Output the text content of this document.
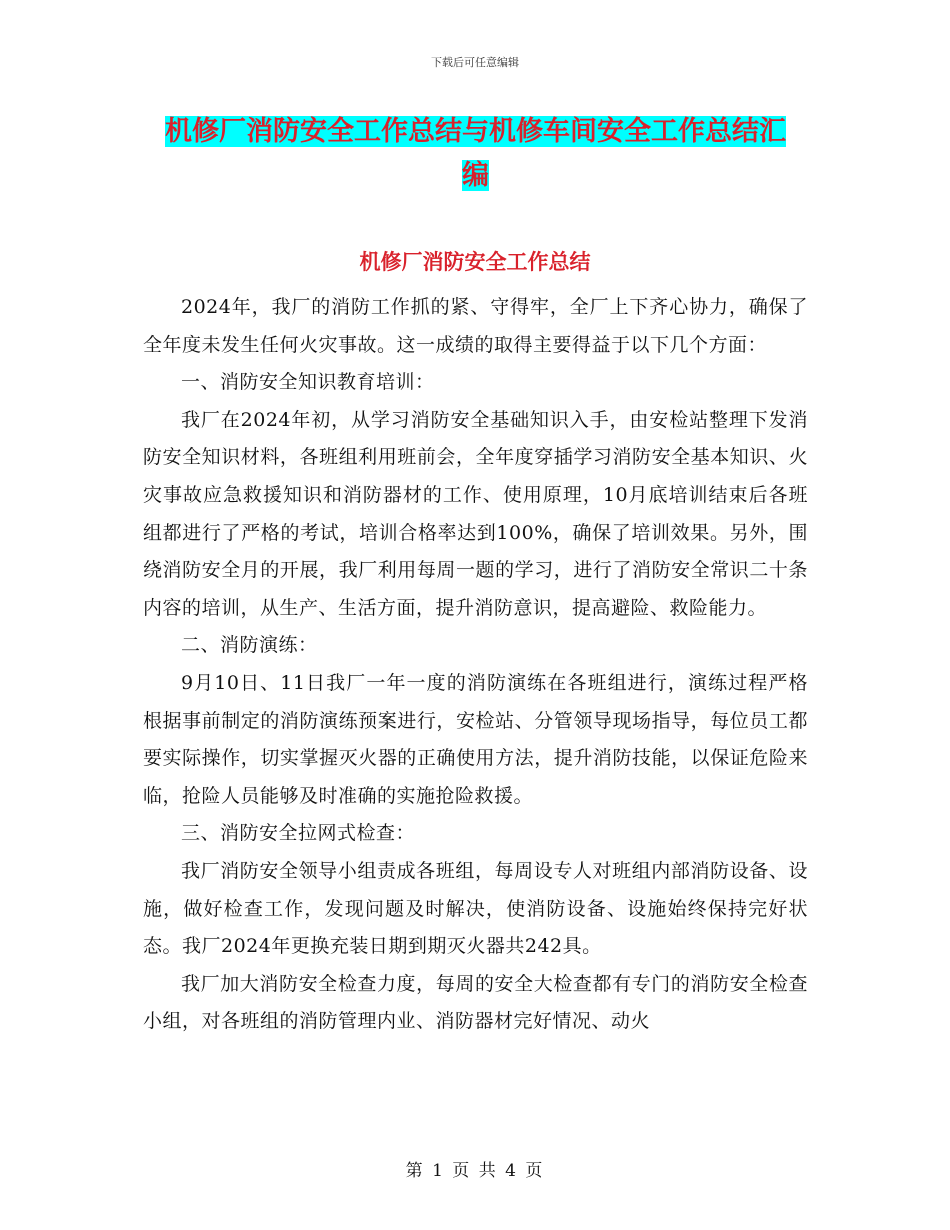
下载后可任意编辑
机修厂消防安全工作总结与机修车间安全工作总结汇
编
机修厂消防安全工作总结

2024年，我厂的消防工作抓的紧、守得牢，全厂上下齐心协力，确保了全年度未发生任何火灾事故。这一成绩的取得主要得益于以下几个方面：

一、消防安全知识教育培训：

我厂在2024年初，从学习消防安全基础知识入手，由安检站整理下发消防安全知识材料，各班组利用班前会，全年度穿插学习消防安全基本知识、火灾事故应急救援知识和消防器材的工作、使用原理，10月底培训结束后各班组都进行了严格的考试，培训合格率达到100%，确保了培训效果。另外，围绕消防安全月的开展，我厂利用每周一题的学习，进行了消防安全常识二十条内容的培训，从生产、生活方面，提升消防意识，提高避险、救险能力。

二、消防演练：

9月10日、11日我厂一年一度的消防演练在各班组进行，演练过程严格根据事前制定的消防演练预案进行，安检站、分管领导现场指导，每位员工都要实际操作，切实掌握灭火器的正确使用方法，提升消防技能，以保证危险来临，抢险人员能够及时准确的实施抢险救援。

三、消防安全拉网式检查：

我厂消防安全领导小组责成各班组，每周设专人对班组内部消防设备、设施，做好检查工作，发现问题及时解决，使消防设备、设施始终保持完好状态。我厂2024年更换充装日期到期灭火器共242具。

我厂加大消防安全检查力度，每周的安全大检查都有专门的消防安全检查小组，对各班组的消防管理内业、消防器材完好情况、动火

第 1 页 共 4 页
